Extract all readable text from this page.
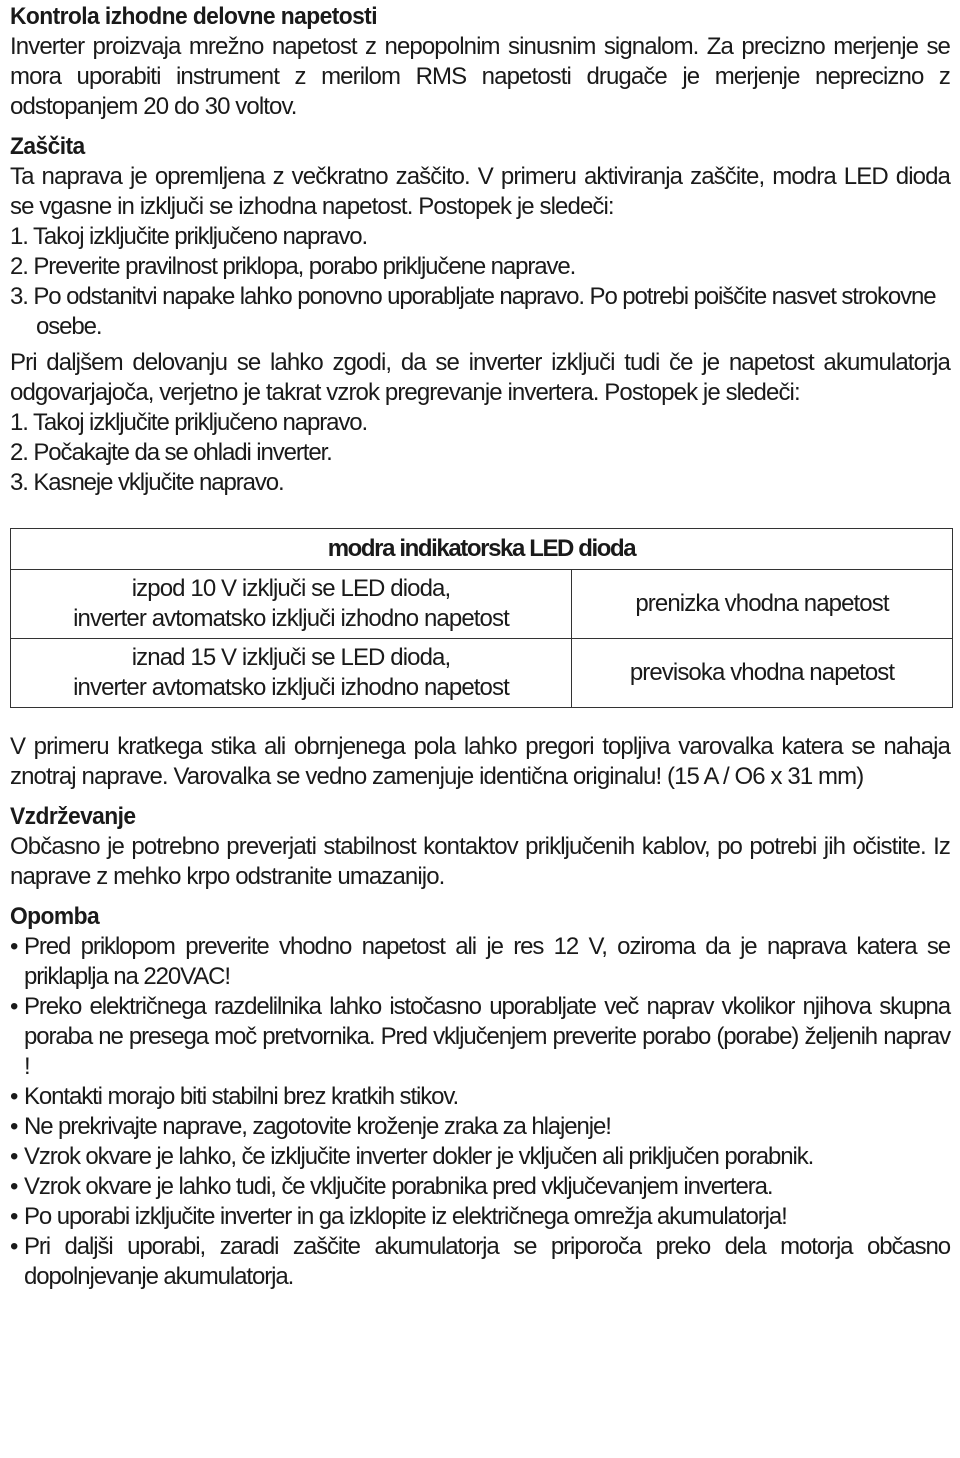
Kontrola izhodne delovne napetosti

Inverter proizvaja mrežno napetost z nepopolnim sinusnim signalom. Za precizno merjenje se mora uporabiti instrument z merilom RMS napetosti drugače je merjenje neprecizno z odstopanjem 20 do 30 voltov.

Zaščita

Ta naprava je opremljena z večkratno zaščito. V primeru aktiviranja zaščite, modra LED dioda se vgasne in izključi se izhodna napetost. Postopek je sledeči:

1. Takoj izključite priključeno napravo.
2. Preverite pravilnost priklopa, porabo priključene naprave.
3. Po odstanitvi napake lahko ponovno uporabljate napravo. Po potrebi poiščite nasvet strokovne osebe.

Pri daljšem delovanju se lahko zgodi, da se inverter izključi tudi če je napetost akumulatorja odgovarjajoča, verjetno je takrat vzrok pregrevanje invertera. Postopek je sledeči:

1. Takoj izključite priključeno napravo.
2. Počakajte da se ohladi inverter.
3. Kasneje vključite napravo.
modra indikatorska LED dioda	

izpod 10 V izključi se LED dioda,
inverter avtomatsko izključi izhodno napetost	prenizka vhodna napetost

iznad 15 V izključi se LED dioda,
inverter avtomatsko izključi izhodno napetost	previsoka vhodna napetost

V primeru kratkega stika ali obrnjenega pola lahko pregori topljiva varovalka katera se nahaja znotraj naprave. Varovalka se vedno zamenjuje identična originalu! (15 A / O6 x 31 mm)

Vzdrževanje

Občasno je potrebno preverjati stabilnost kontaktov priključenih kablov, po potrebi jih očistite. Iz naprave z mehko krpo odstranite umazanijo.

Opomba
• Pred priklopom preverite vhodno napetost ali je res 12 V, oziroma da je naprava katera se priklaplja na 220VAC!
• Preko električnega razdelilnika lahko istočasno uporabljate več naprav vkolikor njihova skupna poraba ne presega moč pretvornika. Pred vključenjem preverite porabo (porabe) željenih naprav !
• Kontakti morajo biti stabilni brez kratkih stikov.
• Ne prekrivajte naprave, zagotovite kroženje zraka za hlajenje!
• Vzrok okvare je lahko, če izključite inverter dokler je vključen ali priključen porabnik.
• Vzrok okvare je lahko tudi, če vključite porabnika pred vključevanjem invertera.
• Po uporabi izključite inverter in ga izklopite iz električnega omrežja akumulatorja!
• Pri daljši uporabi, zaradi zaščite akumulatorja se priporoča preko dela motorja občasno dopolnjevanje akumulatorja.
